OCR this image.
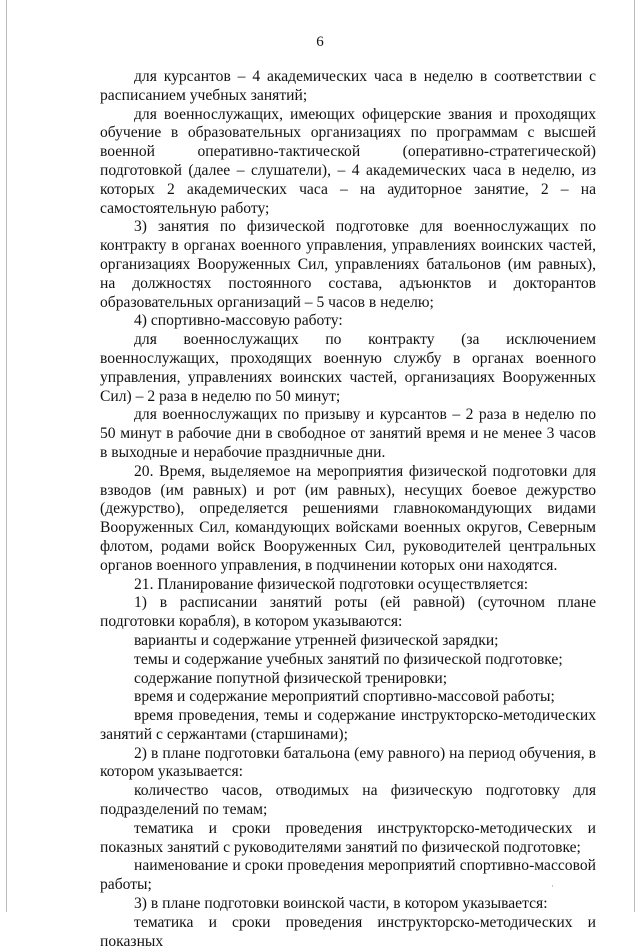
6

для курсантов – 4 академических часа в неделю в соответствии с расписанием учебных занятий;

для военнослужащих, имеющих офицерские звания и проходящих обучение в образовательных организациях по программам с высшей военной оперативно-тактической (оперативно-стратегической) подготовкой (далее – слушатели), – 4 академических часа в неделю, из которых 2 академических часа – на аудиторное занятие, 2 – на самостоятельную работу;

3) занятия по физической подготовке для военнослужащих по контракту в органах военного управления, управлениях воинских частей, организациях Вооруженных Сил, управлениях батальонов (им равных), на должностях постоянного состава, адъюнктов и докторантов образовательных организаций – 5 часов в неделю;

4) спортивно-массовую работу:

для военнослужащих по контракту (за исключением военнослужащих, проходящих военную службу в органах военного управления, управлениях воинских частей, организациях Вооруженных Сил) – 2 раза в неделю по 50 минут;

для военнослужащих по призыву и курсантов – 2 раза в неделю по 50 минут в рабочие дни в свободное от занятий время и не менее 3 часов в выходные и нерабочие праздничные дни.

20. Время, выделяемое на мероприятия физической подготовки для взводов (им равных) и рот (им равных), несущих боевое дежурство (дежурство), определяется решениями главнокомандующих видами Вооруженных Сил, командующих войсками военных округов, Северным флотом, родами войск Вооруженных Сил, руководителей центральных органов военного управления, в подчинении которых они находятся.

21. Планирование физической подготовки осуществляется:

1) в расписании занятий роты (ей равной) (суточном плане подготовки корабля), в котором указываются:

варианты и содержание утренней физической зарядки;

темы и содержание учебных занятий по физической подготовке;

содержание попутной физической тренировки;

время и содержание мероприятий спортивно-массовой работы;

время проведения, темы и содержание инструкторско-методических занятий с сержантами (старшинами);

2) в плане подготовки батальона (ему равного) на период обучения, в котором указывается:

количество часов, отводимых на физическую подготовку для подразделений по темам;

тематика и сроки проведения инструкторско-методических и показных занятий с руководителями занятий по физической подготовке;

наименование и сроки проведения мероприятий спортивно-массовой работы;

3) в плане подготовки воинской части, в котором указывается:

тематика и сроки проведения инструкторско-методических и показных

·
